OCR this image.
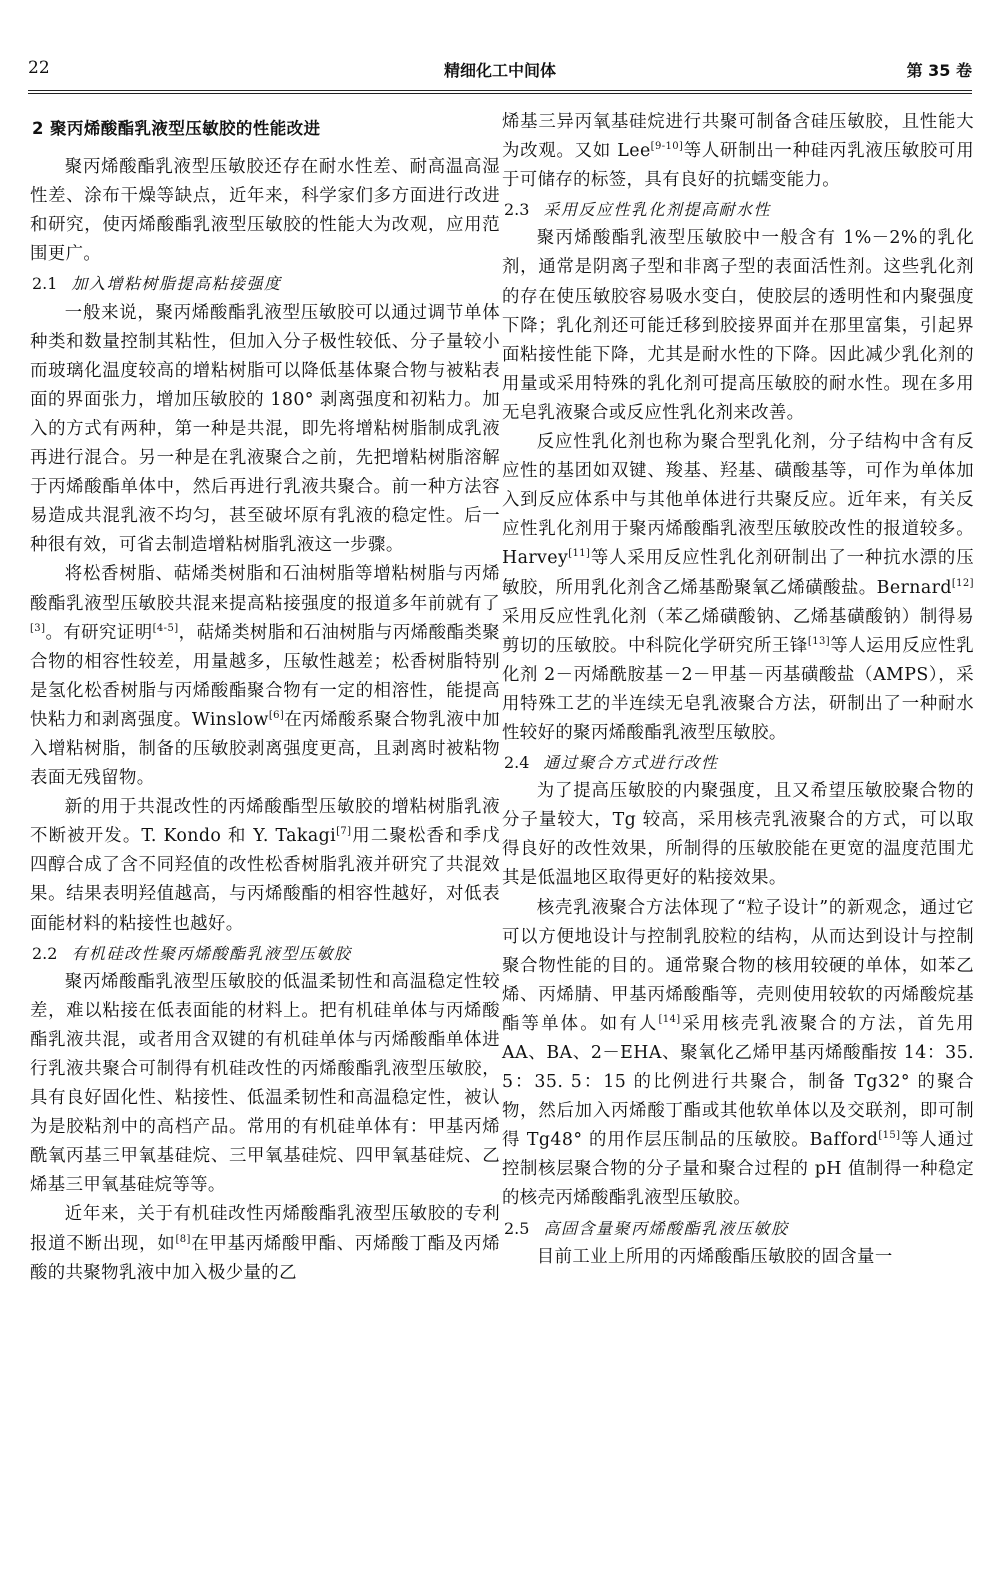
22	精细化工中间体	第 35 卷
2 聚丙烯酸酯乳液型压敏胶的性能改进

聚丙烯酸酯乳液型压敏胶还存在耐水性差、耐高温高湿性差、涂布干燥等缺点，近年来，科学家们多方面进行改进和研究，使丙烯酸酯乳液型压敏胶的性能大为改观，应用范围更广。

2.1 加入增粘树脂提高粘接强度

一般来说，聚丙烯酸酯乳液型压敏胶可以通过调节单体种类和数量控制其粘性，但加入分子极性较低、分子量较小而玻璃化温度较高的增粘树脂可以降低基体聚合物与被粘表面的界面张力，增加压敏胶的 180° 剥离强度和初粘力。加入的方式有两种，第一种是共混，即先将增粘树脂制成乳液再进行混合。另一种是在乳液聚合之前，先把增粘树脂溶解于丙烯酸酯单体中，然后再进行乳液共聚合。前一种方法容易造成共混乳液不均匀，甚至破坏原有乳液的稳定性。后一种很有效，可省去制造增粘树脂乳液这一步骤。

将松香树脂、萜烯类树脂和石油树脂等增粘树脂与丙烯酸酯乳液型压敏胶共混来提高粘接强度的报道多年前就有了[3]。有研究证明[4-5]，萜烯类树脂和石油树脂与丙烯酸酯类聚合物的相容性较差，用量越多，压敏性越差；松香树脂特别是氢化松香树脂与丙烯酸酯聚合物有一定的相溶性，能提高快粘力和剥离强度。Winslow[6]在丙烯酸系聚合物乳液中加入增粘树脂，制备的压敏胶剥离强度更高，且剥离时被粘物表面无残留物。

新的用于共混改性的丙烯酸酯型压敏胶的增粘树脂乳液不断被开发。T. Kondo 和 Y. Takagi[7]用二聚松香和季戊四醇合成了含不同羟值的改性松香树脂乳液并研究了共混效果。结果表明羟值越高，与丙烯酸酯的相容性越好，对低表面能材料的粘接性也越好。

2.2 有机硅改性聚丙烯酸酯乳液型压敏胶

聚丙烯酸酯乳液型压敏胶的低温柔韧性和高温稳定性较差，难以粘接在低表面能的材料上。把有机硅单体与丙烯酸酯乳液共混，或者用含双键的有机硅单体与丙烯酸酯单体进行乳液共聚合可制得有机硅改性的丙烯酸酯乳液型压敏胶，具有良好固化性、粘接性、低温柔韧性和高温稳定性，被认为是胶粘剂中的高档产品。常用的有机硅单体有：甲基丙烯酰氧丙基三甲氧基硅烷、三甲氧基硅烷、四甲氧基硅烷、乙烯基三甲氧基硅烷等等。

近年来，关于有机硅改性丙烯酸酯乳液型压敏胶的专利报道不断出现，如[8]在甲基丙烯酸甲酯、丙烯酸丁酯及丙烯酸的共聚物乳液中加入极少量的乙

烯基三异丙氧基硅烷进行共聚可制备含硅压敏胶，且性能大为改观。又如 Lee[9-10]等人研制出一种硅丙乳液压敏胶可用于可储存的标签，具有良好的抗蠕变能力。

2.3 采用反应性乳化剂提高耐水性

聚丙烯酸酯乳液型压敏胶中一般含有 1%－2%的乳化剂，通常是阴离子型和非离子型的表面活性剂。这些乳化剂的存在使压敏胶容易吸水变白，使胶层的透明性和内聚强度下降；乳化剂还可能迁移到胶接界面并在那里富集，引起界面粘接性能下降，尤其是耐水性的下降。因此减少乳化剂的用量或采用特殊的乳化剂可提高压敏胶的耐水性。现在多用无皂乳液聚合或反应性乳化剂来改善。

反应性乳化剂也称为聚合型乳化剂，分子结构中含有反应性的基团如双键、羧基、羟基、磺酸基等，可作为单体加入到反应体系中与其他单体进行共聚反应。近年来，有关反应性乳化剂用于聚丙烯酸酯乳液型压敏胶改性的报道较多。Harvey[11]等人采用反应性乳化剂研制出了一种抗水漂的压敏胶，所用乳化剂含乙烯基酚聚氧乙烯磺酸盐。Bernard[12]采用反应性乳化剂（苯乙烯磺酸钠、乙烯基磺酸钠）制得易剪切的压敏胶。中科院化学研究所王锋[13]等人运用反应性乳化剂 2－丙烯酰胺基－2－甲基－丙基磺酸盐（AMPS），采用特殊工艺的半连续无皂乳液聚合方法，研制出了一种耐水性较好的聚丙烯酸酯乳液型压敏胶。

2.4 通过聚合方式进行改性

为了提高压敏胶的内聚强度，且又希望压敏胶聚合物的分子量较大，Tg 较高，采用核壳乳液聚合的方式，可以取得良好的改性效果，所制得的压敏胶能在更宽的温度范围尤其是低温地区取得更好的粘接效果。

核壳乳液聚合方法体现了“粒子设计”的新观念，通过它可以方便地设计与控制乳胶粒的结构，从而达到设计与控制聚合物性能的目的。通常聚合物的核用较硬的单体，如苯乙烯、丙烯腈、甲基丙烯酸酯等，壳则使用较软的丙烯酸烷基酯等单体。如有人[14]采用核壳乳液聚合的方法，首先用 AA、BA、2－EHA、聚氧化乙烯甲基丙烯酸酯按 14：35. 5：35. 5：15 的比例进行共聚合，制备 Tg32° 的聚合物，然后加入丙烯酸丁酯或其他软单体以及交联剂，即可制得 Tg48° 的用作层压制品的压敏胶。Bafford[15]等人通过控制核层聚合物的分子量和聚合过程的 pH 值制得一种稳定的核壳丙烯酸酯乳液型压敏胶。

2.5 高固含量聚丙烯酸酯乳液压敏胶

目前工业上所用的丙烯酸酯压敏胶的固含量一
